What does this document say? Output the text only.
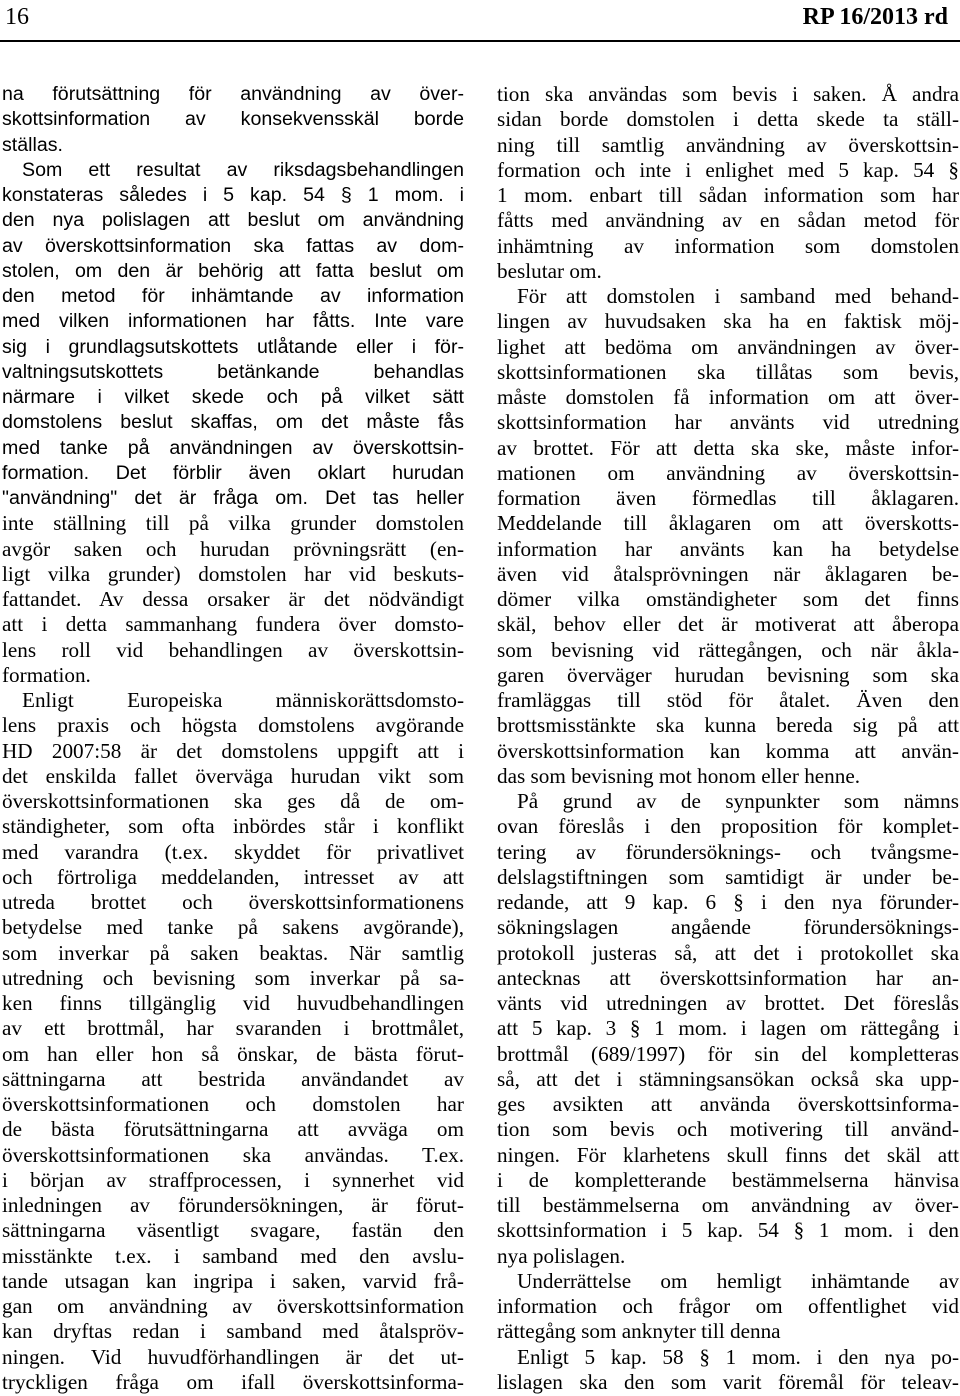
16	RP 16/2013 rd
na förutsättning för användning av över-
skottsinformation av konsekvensskäl borde
ställas.
Som ett resultat av riksdagsbehandlingen
konstateras således i 5 kap. 54 § 1 mom. i
den nya polislagen att beslut om användning
av överskottsinformation ska fattas av dom-
stolen, om den är behörig att fatta beslut om
den metod för inhämtande av information
med vilken informationen har fåtts. Inte vare
sig i grundlagsutskottets utlåtande eller i för-
valtningsutskottets betänkande behandlas
närmare i vilket skede och på vilket sätt
domstolens beslut skaffas, om det måste fås
med tanke på användningen av överskottsin-
formation. Det förblir även oklart hurudan
"användning" det är fråga om. Det tas heller
inte ställning till på vilka grunder domstolen
avgör saken och hurudan prövningsrätt (en-
ligt vilka grunder) domstolen har vid beskuts-
fattandet. Av dessa orsaker är det nödvändigt
att i detta sammanhang fundera över domsto-
lens roll vid behandlingen av överskottsin-
formation.
Enligt Europeiska människorättsdomsto-
lens praxis och högsta domstolens avgörande
HD 2007:58 är det domstolens uppgift att i
det enskilda fallet överväga hurudan vikt som
överskottsinformationen ska ges då de om-
ständigheter, som ofta inbördes står i konflikt
med varandra (t.ex. skyddet för privatlivet
och förtroliga meddelanden, intresset av att
utreda brottet och överskottsinformationens
betydelse med tanke på sakens avgörande),
som inverkar på saken beaktas. När samtlig
utredning och bevisning som inverkar på sa-
ken finns tillgänglig vid huvudbehandlingen
av ett brottmål, har svaranden i brottmålet,
om han eller hon så önskar, de bästa förut-
sättningarna att bestrida användandet av
överskottsinformationen och domstolen har
de bästa förutsättningarna att avväga om
överskottsinformationen ska användas. T.ex.
i början av straffprocessen, i synnerhet vid
inledningen av förundersökningen, är förut-
sättningarna väsentligt svagare, fastän den
misstänkte t.ex. i samband med den avslu-
tande utsagan kan ingripa i saken, varvid frå-
gan om användning av överskottsinformation
kan dryftas redan i samband med åtalspröv-
ningen. Vid huvudförhandlingen är det ut-
tryckligen fråga om ifall överskottsinforma-
tion ska användas som bevis i saken. Å andra
sidan borde domstolen i detta skede ta ställ-
ning till samtlig användning av överskottsin-
formation och inte i enlighet med 5 kap. 54 §
1 mom. enbart till sådan information som har
fåtts med användning av en sådan metod för
inhämtning av information som domstolen
beslutar om.
För att domstolen i samband med behand-
lingen av huvudsaken ska ha en faktisk möj-
lighet att bedöma om användningen av över-
skottsinformationen ska tillåtas som bevis,
måste domstolen få information om att över-
skottsinformation har använts vid utredning
av brottet. För att detta ska ske, måste infor-
mationen om användning av överskottsin-
formation även förmedlas till åklagaren.
Meddelande till åklagaren om att överskotts-
information har använts kan ha betydelse
även vid åtalsprövningen när åklagaren be-
dömer vilka omständigheter som det finns
skäl, behov eller det är motiverat att åberopa
som bevisning vid rättegången, och när åkla-
garen överväger hurudan bevisning som ska
framläggas till stöd för åtalet. Även den
brottsmisstänkte ska kunna bereda sig på att
överskottsinformation kan komma att använ-
das som bevisning mot honom eller henne.
På grund av de synpunkter som nämns
ovan föreslås i den proposition för komplet-
tering av förundersöknings- och tvångsme-
delslagstiftningen som samtidigt är under be-
redande, att 9 kap. 6 § i den nya förunder-
sökningslagen angående förundersöknings-
protokoll justeras så, att det i protokollet ska
antecknas att överskottsinformation har an-
vänts vid utredningen av brottet. Det föreslås
att 5 kap. 3 § 1 mom. i lagen om rättegång i
brottmål (689/1997) för sin del kompletteras
så, att det i stämningsansökan också ska upp-
ges avsikten att använda överskottsinforma-
tion som bevis och motivering till använd-
ningen. För klarhetens skull finns det skäl att
i de kompletterande bestämmelserna hänvisa
till bestämmelserna om användning av över-
skottsinformation i 5 kap. 54 § 1 mom. i den
nya polislagen.
Underrättelse om hemligt inhämtande av
information och frågor om offentlighet vid
rättegång som anknyter till denna
Enligt 5 kap. 58 § 1 mom. i den nya po-
lislagen ska den som varit föremål för teleav-
